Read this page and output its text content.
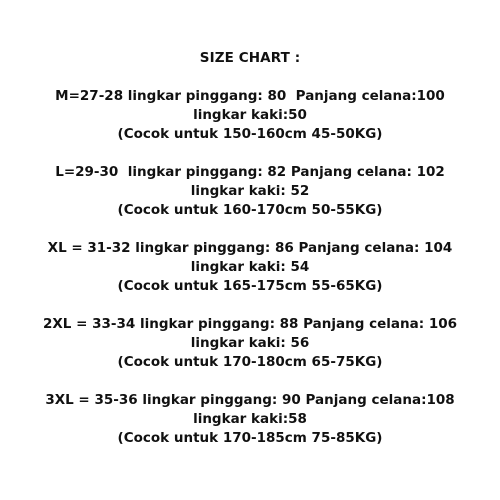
SIZE CHART :
M=27-28 lingkar pinggang: 80  Panjang celana:100
lingkar kaki:50
(Cocok untuk 150-160cm 45-50KG)
L=29-30  lingkar pinggang: 82 Panjang celana: 102
lingkar kaki: 52
(Cocok untuk 160-170cm 50-55KG)
XL = 31-32 lingkar pinggang: 86 Panjang celana: 104
lingkar kaki: 54
(Cocok untuk 165-175cm 55-65KG)
2XL = 33-34 lingkar pinggang: 88 Panjang celana: 106
lingkar kaki: 56
(Cocok untuk 170-180cm 65-75KG)
3XL = 35-36 lingkar pinggang: 90 Panjang celana:108
lingkar kaki:58
(Cocok untuk 170-185cm 75-85KG)
